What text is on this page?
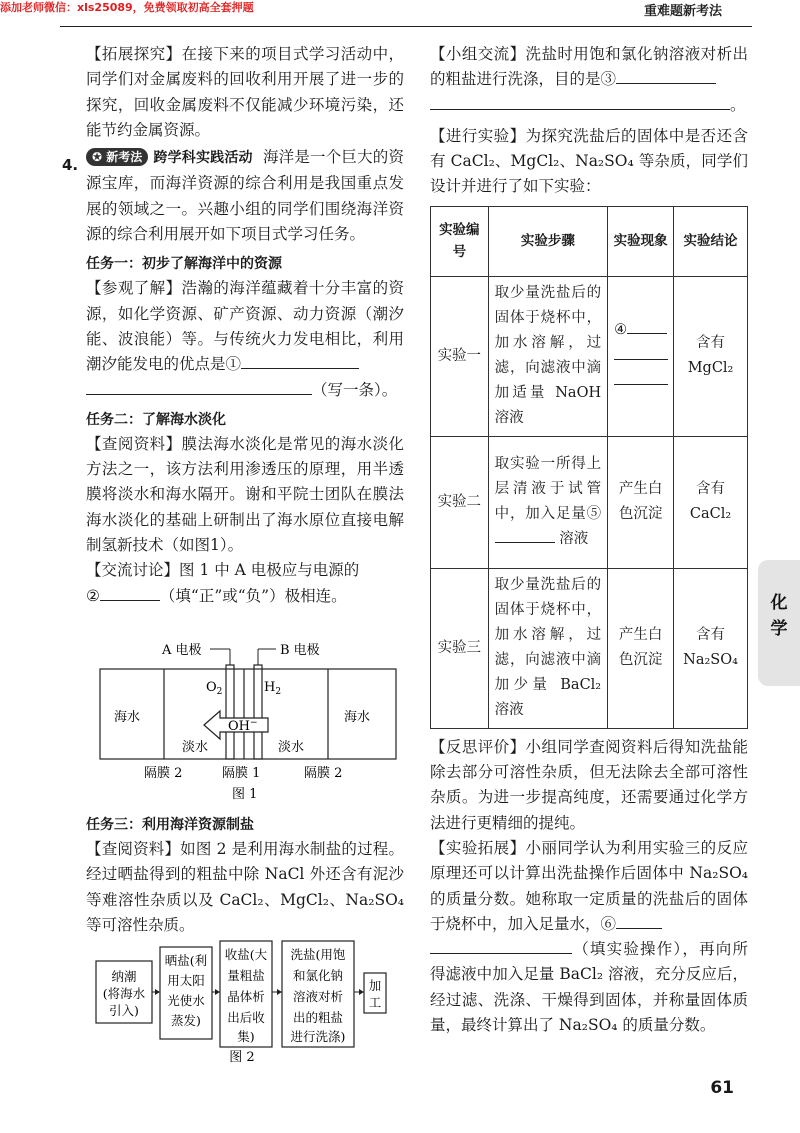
添加老师微信：xls25089，免费领取初高全套押题	重难题新考法

【拓展探究】在接下来的项目式学习活动中，同学们对金属废料的回收利用开展了进一步的探究，回收金属废料不仅能减少环境污染，还能节约金属资源。

✪ 新考法 跨学科实践活动 海洋是一个巨大的资源宝库，而海洋资源的综合利用是我国重点发展的领域之一。兴趣小组的同学们围绕海洋资源的综合利用展开如下项目式学习任务。

任务一：初步了解海洋中的资源

【参观了解】浩瀚的海洋蕴藏着十分丰富的资源，如化学资源、矿产资源、动力资源（潮汐能、波浪能）等。与传统火力发电相比，利用潮汐能发电的优点是①
（写一条）。

任务二：了解海水淡化

【查阅资料】膜法海水淡化是常见的海水淡化方法之一，该方法利用渗透压的原理，用半透膜将淡水和海水隔开。谢和平院士团队在膜法海水淡化的基础上研制出了海水原位直接电解制氢新技术（如图1）。

【交流讨论】图 1 中 A 电极应与电源的
②	（填“正”或“负”）极相连。

4.
A 电极	B 电极
$O_2$	$H_2$
海水	海水
OH−
淡水	淡水
隔膜 2	隔膜 1	隔膜 2
图 1
任务三：利用海洋资源制盐

【查阅资料】如图 2 是利用海水制盐的过程。经过晒盐得到的粗盐中除 NaCl 外还含有泥沙等难溶性杂质以及 CaCl₂、MgCl₂、Na₂SO₄ 等可溶性杂质。

纳潮
(将海水
引入)
晒盐(利
用太阳
光使水
蒸发)
收盐(大
量粗盐
晶体析
出后收
集)
洗盐(用饱
和氯化钠
溶液对析
出的粗盐
进行洗涤)
加
工
图 2

【小组交流】洗盐时用饱和氯化钠溶液对析出的粗盐进行洗涤，目的是③
。

【进行实验】为探究洗盐后的固体中是否还含有 CaCl₂、MgCl₂、Na₂SO₄ 等杂质，同学们设计并进行了如下实验：

实验编号	实验步骤	实验现象	实验结论
实验一	取少量洗盐后的固体于烧杯中，加水溶解，过滤，向滤液中滴加适量 NaOH 溶液	④	含有 MgCl₂
实验二	取实验一所得上层清液于试管中，加入足量⑤ 溶液	产生白色沉淀	含有 CaCl₂
实验三	取少量洗盐后的固体于烧杯中，加水溶解，过滤，向滤液中滴加少量 BaCl₂ 溶液	产生白色沉淀	含有 Na₂SO₄

【反思评价】小组同学查阅资料后得知洗盐能除去部分可溶性杂质，但无法除去全部可溶性杂质。为进一步提高纯度，还需要通过化学方法进行更精细的提纯。

【实验拓展】小丽同学认为利用实验三的反应原理还可以计算出洗盐操作后固体中 Na₂SO₄ 的质量分数。她称取一定质量的洗盐后的固体于烧杯中，加入足量水，⑥
（填实验操作），再向所得滤液中加入足量 BaCl₂ 溶液，充分反应后，经过滤、洗涤、干燥得到固体，并称量固体质量，最终计算出了 Na₂SO₄ 的质量分数。

化
学
61
